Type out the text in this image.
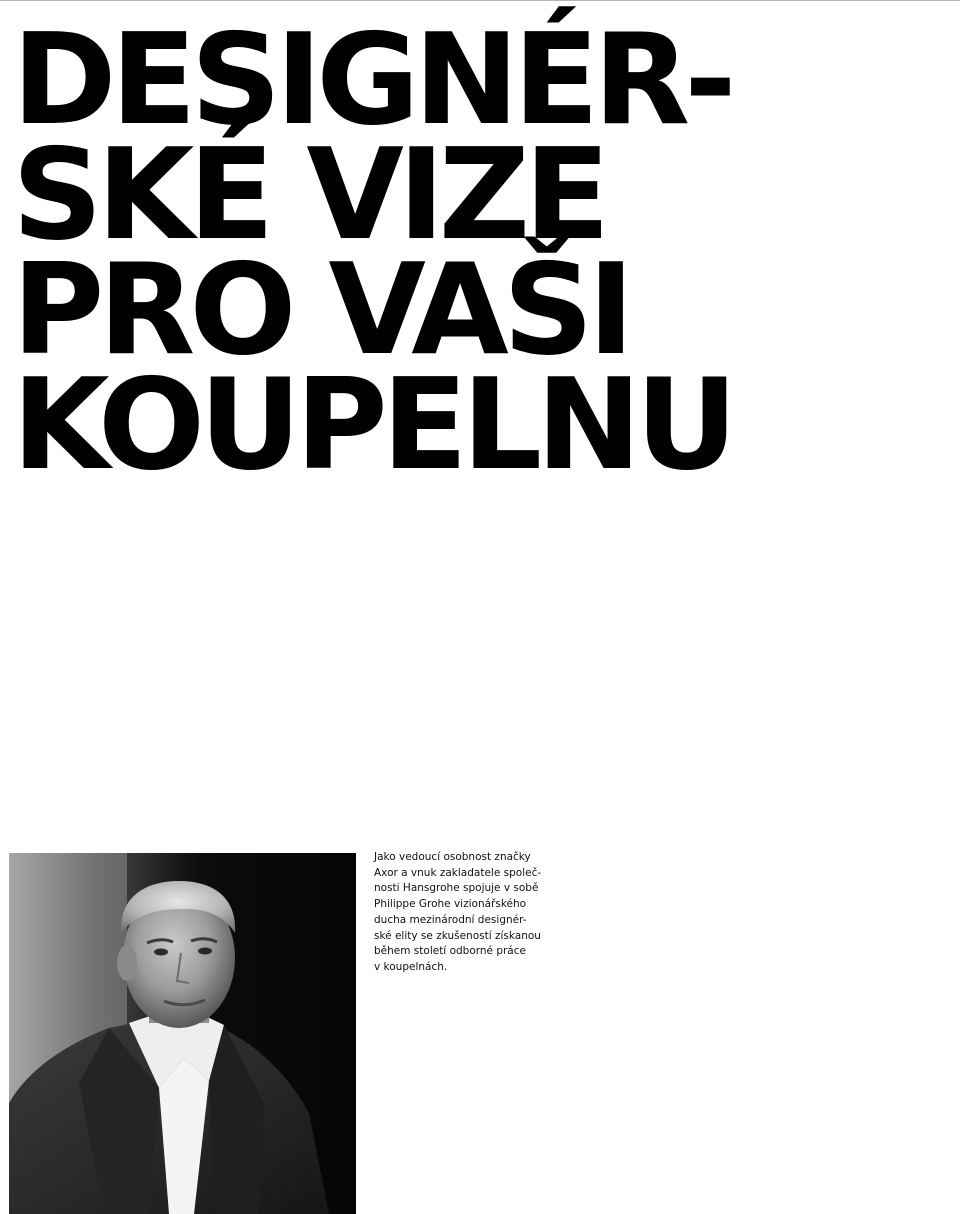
DESIGNÉR-
SKÉ VIZE
PRO VAŠI
KOUPELNU

Jako vedoucí osobnost značky
Axor a vnuk zakladatele společ-
nosti Hansgrohe spojuje v sobě
Philippe Grohe vizionářského
ducha mezinárodní designér-
ské elity se zkušeností získanou
během století odborné práce
v koupelnách.
